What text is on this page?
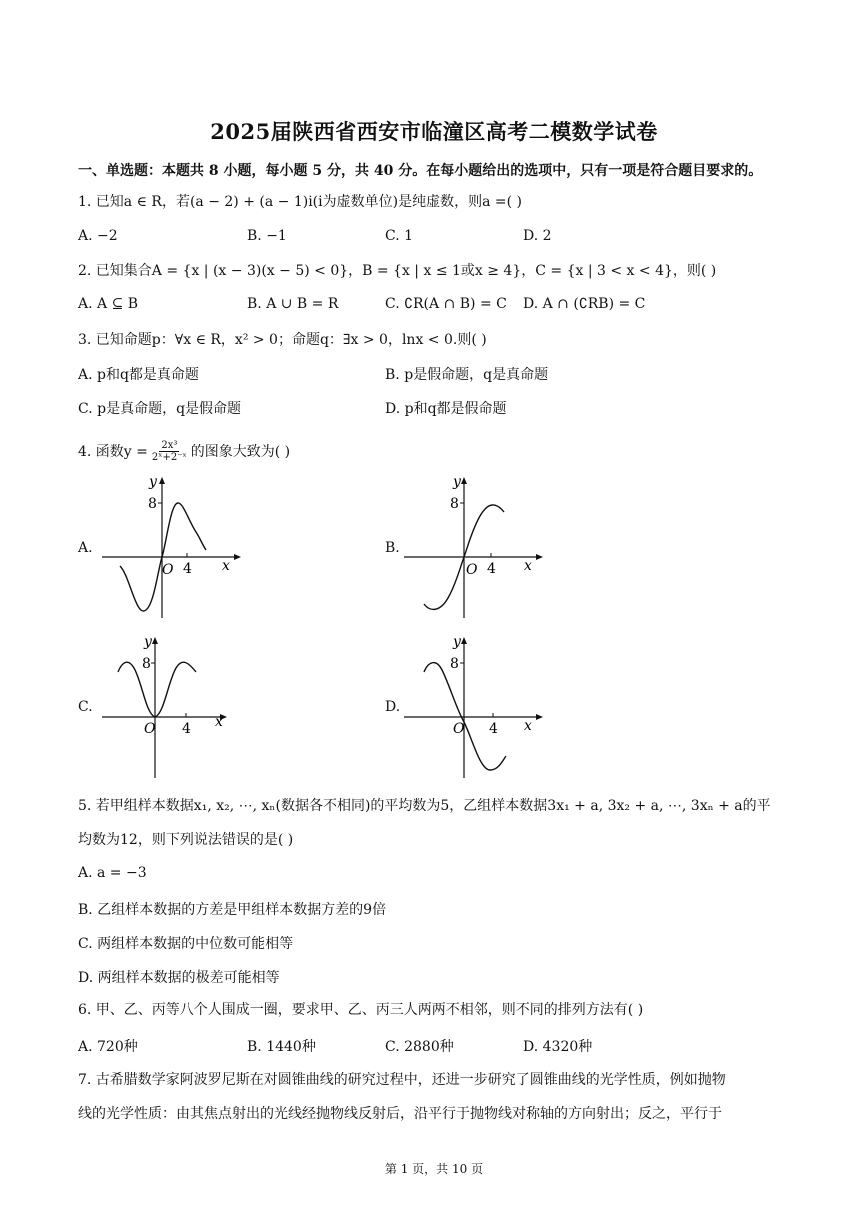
2025届陕西省西安市临潼区高考二模数学试卷
一、单选题：本题共 8 小题，每小题 5 分，共 40 分。在每小题给出的选项中，只有一项是符合题目要求的。
1. 已知a ∈ R，若(a − 2) + (a − 1)i(i为虚数单位)是纯虚数，则a =( )
A. −2	B. −1	C. 1	D. 2
2. 已知集合A = {x | (x − 3)(x − 5) < 0}，B = {x | x ≤ 1或x ≥ 4}，C = {x | 3 < x < 4}，则( )
A. A ⊆ B	B. A ∪ B = R	C. ∁R(A ∩ B) = C D. A ∩ (∁RB) = C
3. 已知命题p：∀x ∈ R，x² > 0；命题q：∃x > 0，lnx < 0.则( )
A. p和q都是真命题	B. p是假命题，q是真命题
C. p是真命题，q是假命题	D. p和q都是假命题
4. 函数$y = \frac{\text{2x³}}{\text{2ˣ+2⁻ˣ}}$ 的图象大致为( )
A.	B.
C.	D.
8
4
O	x
y
8
4
O	x
y
8
4
O	x
y
8
4
O	x
y
5. 若甲组样本数据x₁, x₂, ⋯, xₙ(数据各不相同)的平均数为5，乙组样本数据3x₁ + a, 3x₂ + a, ⋯, 3xₙ + a的平
均数为12，则下列说法错误的是( )
A. a = −3
B. 乙组样本数据的方差是甲组样本数据方差的9倍
C. 两组样本数据的中位数可能相等
D. 两组样本数据的极差可能相等
6. 甲、乙、丙等八个人围成一圈，要求甲、乙、丙三人两两不相邻，则不同的排列方法有( )
A. 720种	B. 1440种	C. 2880种	D. 4320种
7. 古希腊数学家阿波罗尼斯在对圆锥曲线的研究过程中，还进一步研究了圆锥曲线的光学性质，例如抛物
线的光学性质：由其焦点射出的光线经抛物线反射后，沿平行于抛物线对称轴的方向射出；反之，平行于
第 1 页，共 10 页
